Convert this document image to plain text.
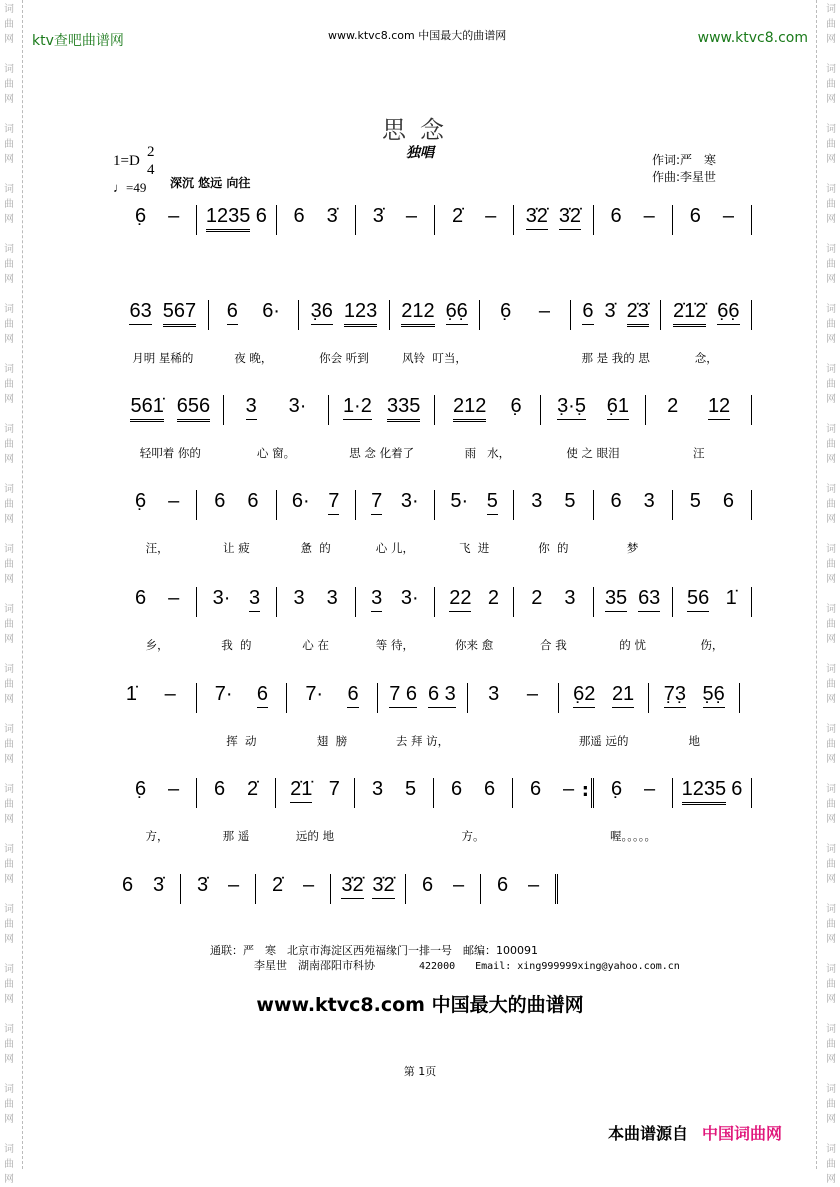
词曲网
词曲网
词曲网
词曲网
词曲网
词曲网
词曲网
词曲网
词曲网
词曲网
词曲网
词曲网
词曲网
词曲网
词曲网
词曲网
词曲网
词曲网
词曲网
词曲网
词曲网
词曲网
词曲网
词曲网
词曲网
词曲网
词曲网
词曲网
词曲网
词曲网
词曲网
词曲网
词曲网
词曲网
词曲网
词曲网
词曲网
词曲网
词曲网
词曲网
ktv查吧曲谱网	www.ktvc8.com 中国最大的曲谱网	www.ktvc8.com
思念
独唱
1=D
2
4
♩=49 深沉 悠远 向往
作词:严　寒
作曲:李星世
6̣ – 1235 6 6 3̇ 3̇ – 2̇ – 3̇2̇ 3̇2̇ 6 – 6 –
63 567
月明 星稀的
6 6·
夜 晚，
3̣6 123
你会 听到
212 6̣6̣
风铃  叮当，
6̣ – 6 3̇ 2̇3̇
那 是 我的 思
2̇1̇2̇ 6̣6̣
念，
561̇ 656
轻叩着 你的
3 3·
心 窗。
1·2 335
思 念 化着了
212 6̣
雨   水，
3̣·5̣ 6̣1
使 之 眼泪
2 12
汪
6̣ –
汪，
6 6
让 疲
6· 7
惫  的
7 3·
心 儿，
5· 5
飞  进
3 5
你  的
6 3
梦
5 6
6 –
乡，
3· 3
我  的
3 3
心 在
3 3·
等 待，
22 2
你来 愈
2 3
合 我
35 63
的 忧
56 1̇
伤，
1̇ – 7· 6
挥  动
7· 6
翅  膀
7 6 6 3
去 拜 访，
3 – 6̣2 21
那遥 远的
7̣3̣ 5̣6̣
地
6̣ –
方，
6 2̇
那 遥
2̇1̇ 7
远的 地
3 5 6 6
方。
6 –
: 6̣ –
喔。。。。。
1235 6
6 3̇ 3̇ – 2̇ – 3̇2̇ 3̇2̇ 6 – 6 –
通联：严　寒　北京市海淀区西苑福缘门一排一号　邮编：100091
李星世　湖南邵阳市科协　　　　422000　　Email: xing999999xing@yahoo.com.cn
www.ktvc8.com 中国最大的曲谱网
第 1页
本曲谱源自 中国词曲网
